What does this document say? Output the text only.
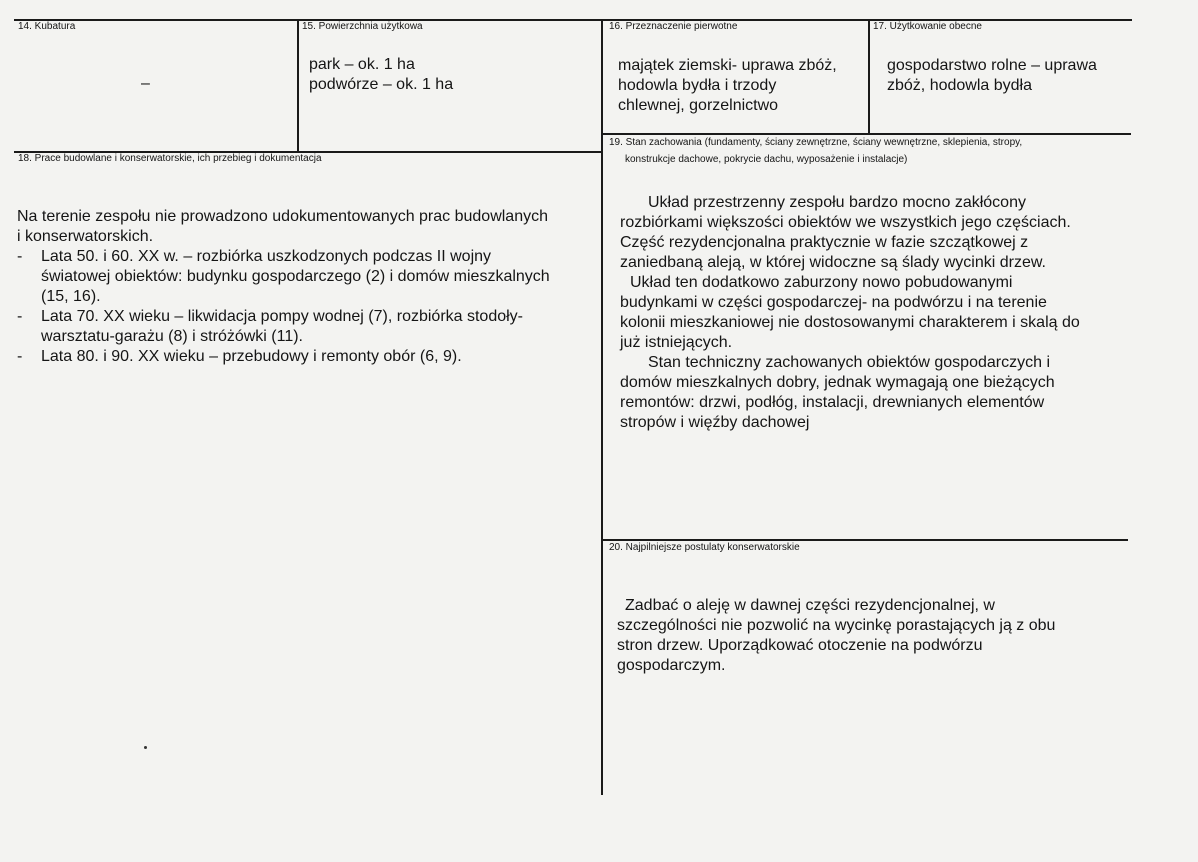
14. Kubatura
–
15. Powierzchnia użytkowa

park – ok. 1 ha

podwórze – ok. 1 ha

16. Przeznaczenie pierwotne

majątek ziemski- uprawa zbóż,

hodowla bydła i trzody

chlewnej, gorzelnictwo

17. Użytkowanie obecne

gospodarstwo rolne – uprawa

zbóż, hodowla bydła

18. Prace budowlane i konserwatorskie, ich przebieg i dokumentacja

Na terenie zespołu nie prowadzono udokumentowanych prac budowlanych

i konserwatorskich.

- Lata 50. i 60. XX w. – rozbiórka uszkodzonych podczas II wojny
światowej obiektów: budynku gospodarczego (2) i domów mieszkalnych
(15, 16).
- Lata 70. XX wieku – likwidacja pompy wodnej (7), rozbiórka stodoły-
warsztatu-garażu (8) i stróżówki (11).
- Lata 80. i 90. XX wieku – przebudowy i remonty obór (6, 9).
19. Stan zachowania (fundamenty, ściany zewnętrzne, ściany wewnętrzne, sklepienia, stropy,
konstrukcje dachowe, pokrycie dachu, wyposażenie i instalacje)

Układ przestrzenny zespołu bardzo mocno zakłócony

rozbiórkami większości obiektów we wszystkich jego częściach.

Część rezydencjonalna praktycznie w fazie szczątkowej z

zaniedbaną aleją, w której widoczne są ślady wycinki drzew.

Układ ten dodatkowo zaburzony nowo pobudowanymi

budynkami w części gospodarczej- na podwórzu i na terenie

kolonii mieszkaniowej nie dostosowanymi charakterem i skalą do

już istniejących.

Stan techniczny zachowanych obiektów gospodarczych i

domów mieszkalnych dobry, jednak wymagają one bieżących

remontów: drzwi, podłóg, instalacji, drewnianych elementów

stropów i więźby dachowej

20. Najpilniejsze postulaty konserwatorskie

Zadbać o aleję w dawnej części rezydencjonalnej, w

szczególności nie pozwolić na wycinkę porastających ją z obu

stron drzew. Uporządkować otoczenie na podwórzu

gospodarczym.
